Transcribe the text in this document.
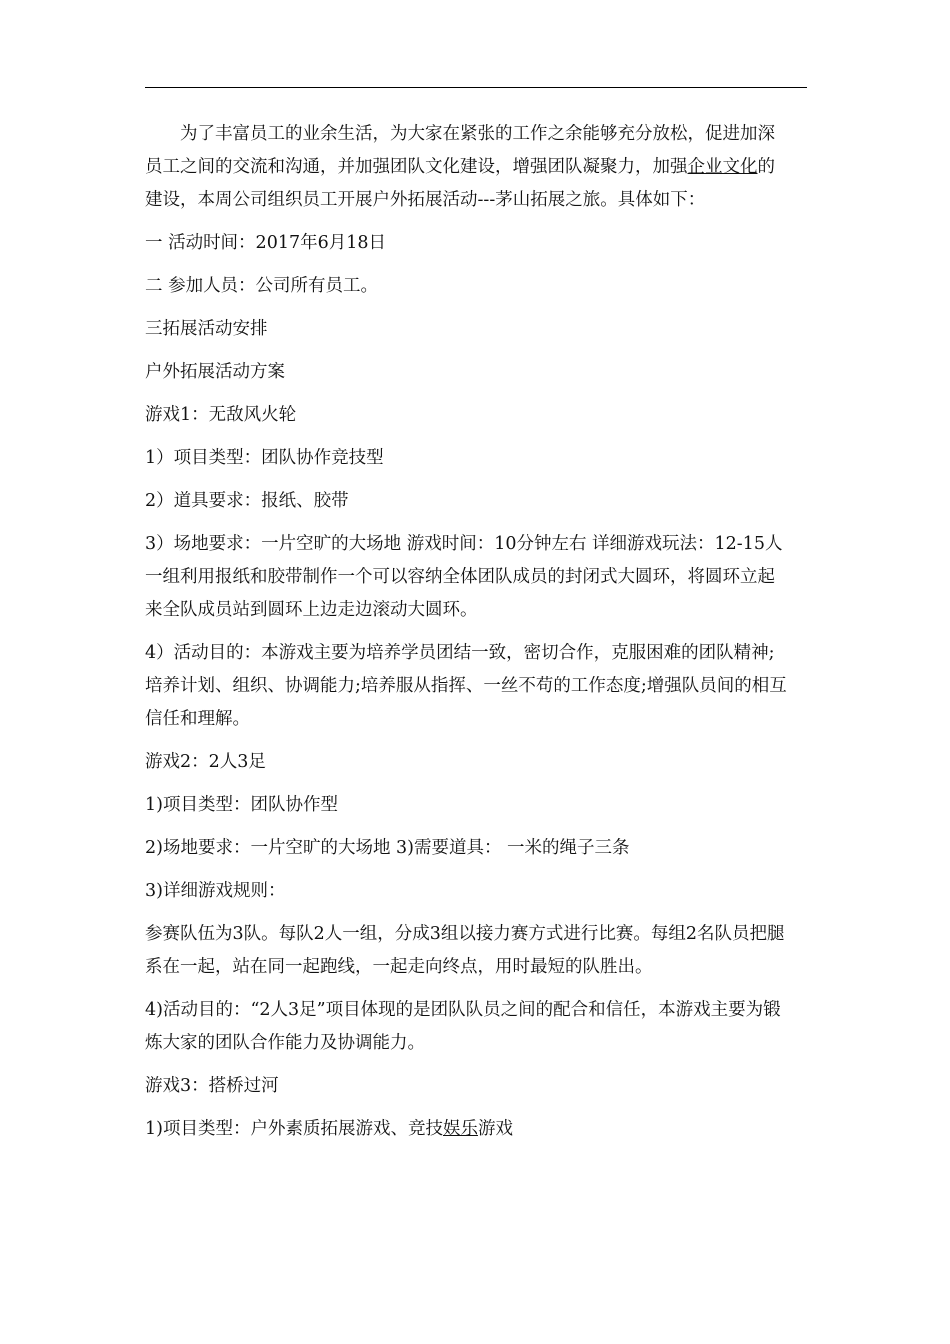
为了丰富员工的业余生活，为大家在紧张的工作之余能够充分放松，促进加深员工之间的交流和沟通，并加强团队文化建设，增强团队凝聚力，加强企业文化的建设，本周公司组织员工开展户外拓展活动---茅山拓展之旅。具体如下：

一 活动时间：2017年6月18日

二 参加人员：公司所有员工。

三拓展活动安排

户外拓展活动方案

游戏1：无敌风火轮

1）项目类型：团队协作竞技型

2）道具要求：报纸、胶带

3）场地要求：一片空旷的大场地 游戏时间：10分钟左右 详细游戏玩法：12-15人一组利用报纸和胶带制作一个可以容纳全体团队成员的封闭式大圆环，将圆环立起来全队成员站到圆环上边走边滚动大圆环。

4）活动目的：本游戏主要为培养学员团结一致，密切合作，克服困难的团队精神;培养计划、组织、协调能力;培养服从指挥、一丝不苟的工作态度;增强队员间的相互信任和理解。

游戏2：2人3足

1)项目类型：团队协作型

2)场地要求：一片空旷的大场地 3)需要道具： 一米的绳子三条

3)详细游戏规则：

参赛队伍为3队。每队2人一组，分成3组以接力赛方式进行比赛。每组2名队员把腿系在一起，站在同一起跑线，一起走向终点，用时最短的队胜出。

4)活动目的：“2人3足”项目体现的是团队队员之间的配合和信任，本游戏主要为锻炼大家的团队合作能力及协调能力。

游戏3：搭桥过河

1)项目类型：户外素质拓展游戏、竞技娱乐游戏
